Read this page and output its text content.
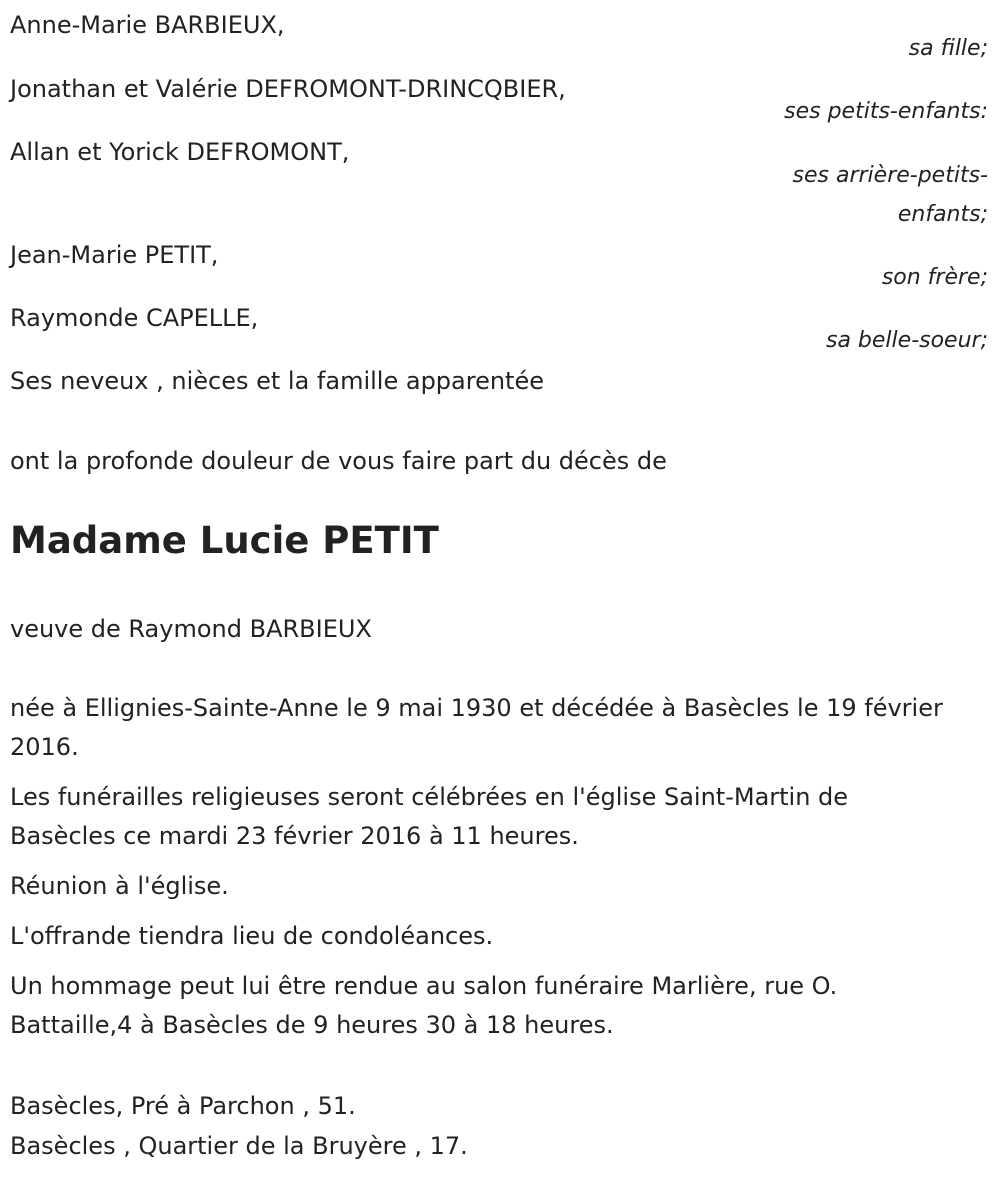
Anne-Marie BARBIEUX,
sa fille;
Jonathan et Valérie DEFROMONT-DRINCQBIER,
ses petits-enfants:
Allan et Yorick DEFROMONT,
ses arrière-petits-enfants;
Jean-Marie PETIT,
son frère;
Raymonde CAPELLE,
sa belle-soeur;
Ses neveux , nièces et la famille apparentée
ont la profonde douleur de vous faire part du décès de
Madame Lucie PETIT
veuve de Raymond BARBIEUX
née à Ellignies-Sainte-Anne le 9 mai 1930 et décédée à Basècles le 19 février 2016.
Les funérailles religieuses seront célébrées en l'église Saint-Martin de Basècles ce mardi 23 février 2016 à 11 heures.
Réunion à l'église.
L'offrande tiendra lieu de condoléances.
Un hommage peut lui être rendue au salon funéraire Marlière, rue O. Battaille,4 à Basècles de 9 heures 30 à 18 heures.
Basècles, Pré à Parchon , 51.
Basècles , Quartier de la Bruyère , 17.
